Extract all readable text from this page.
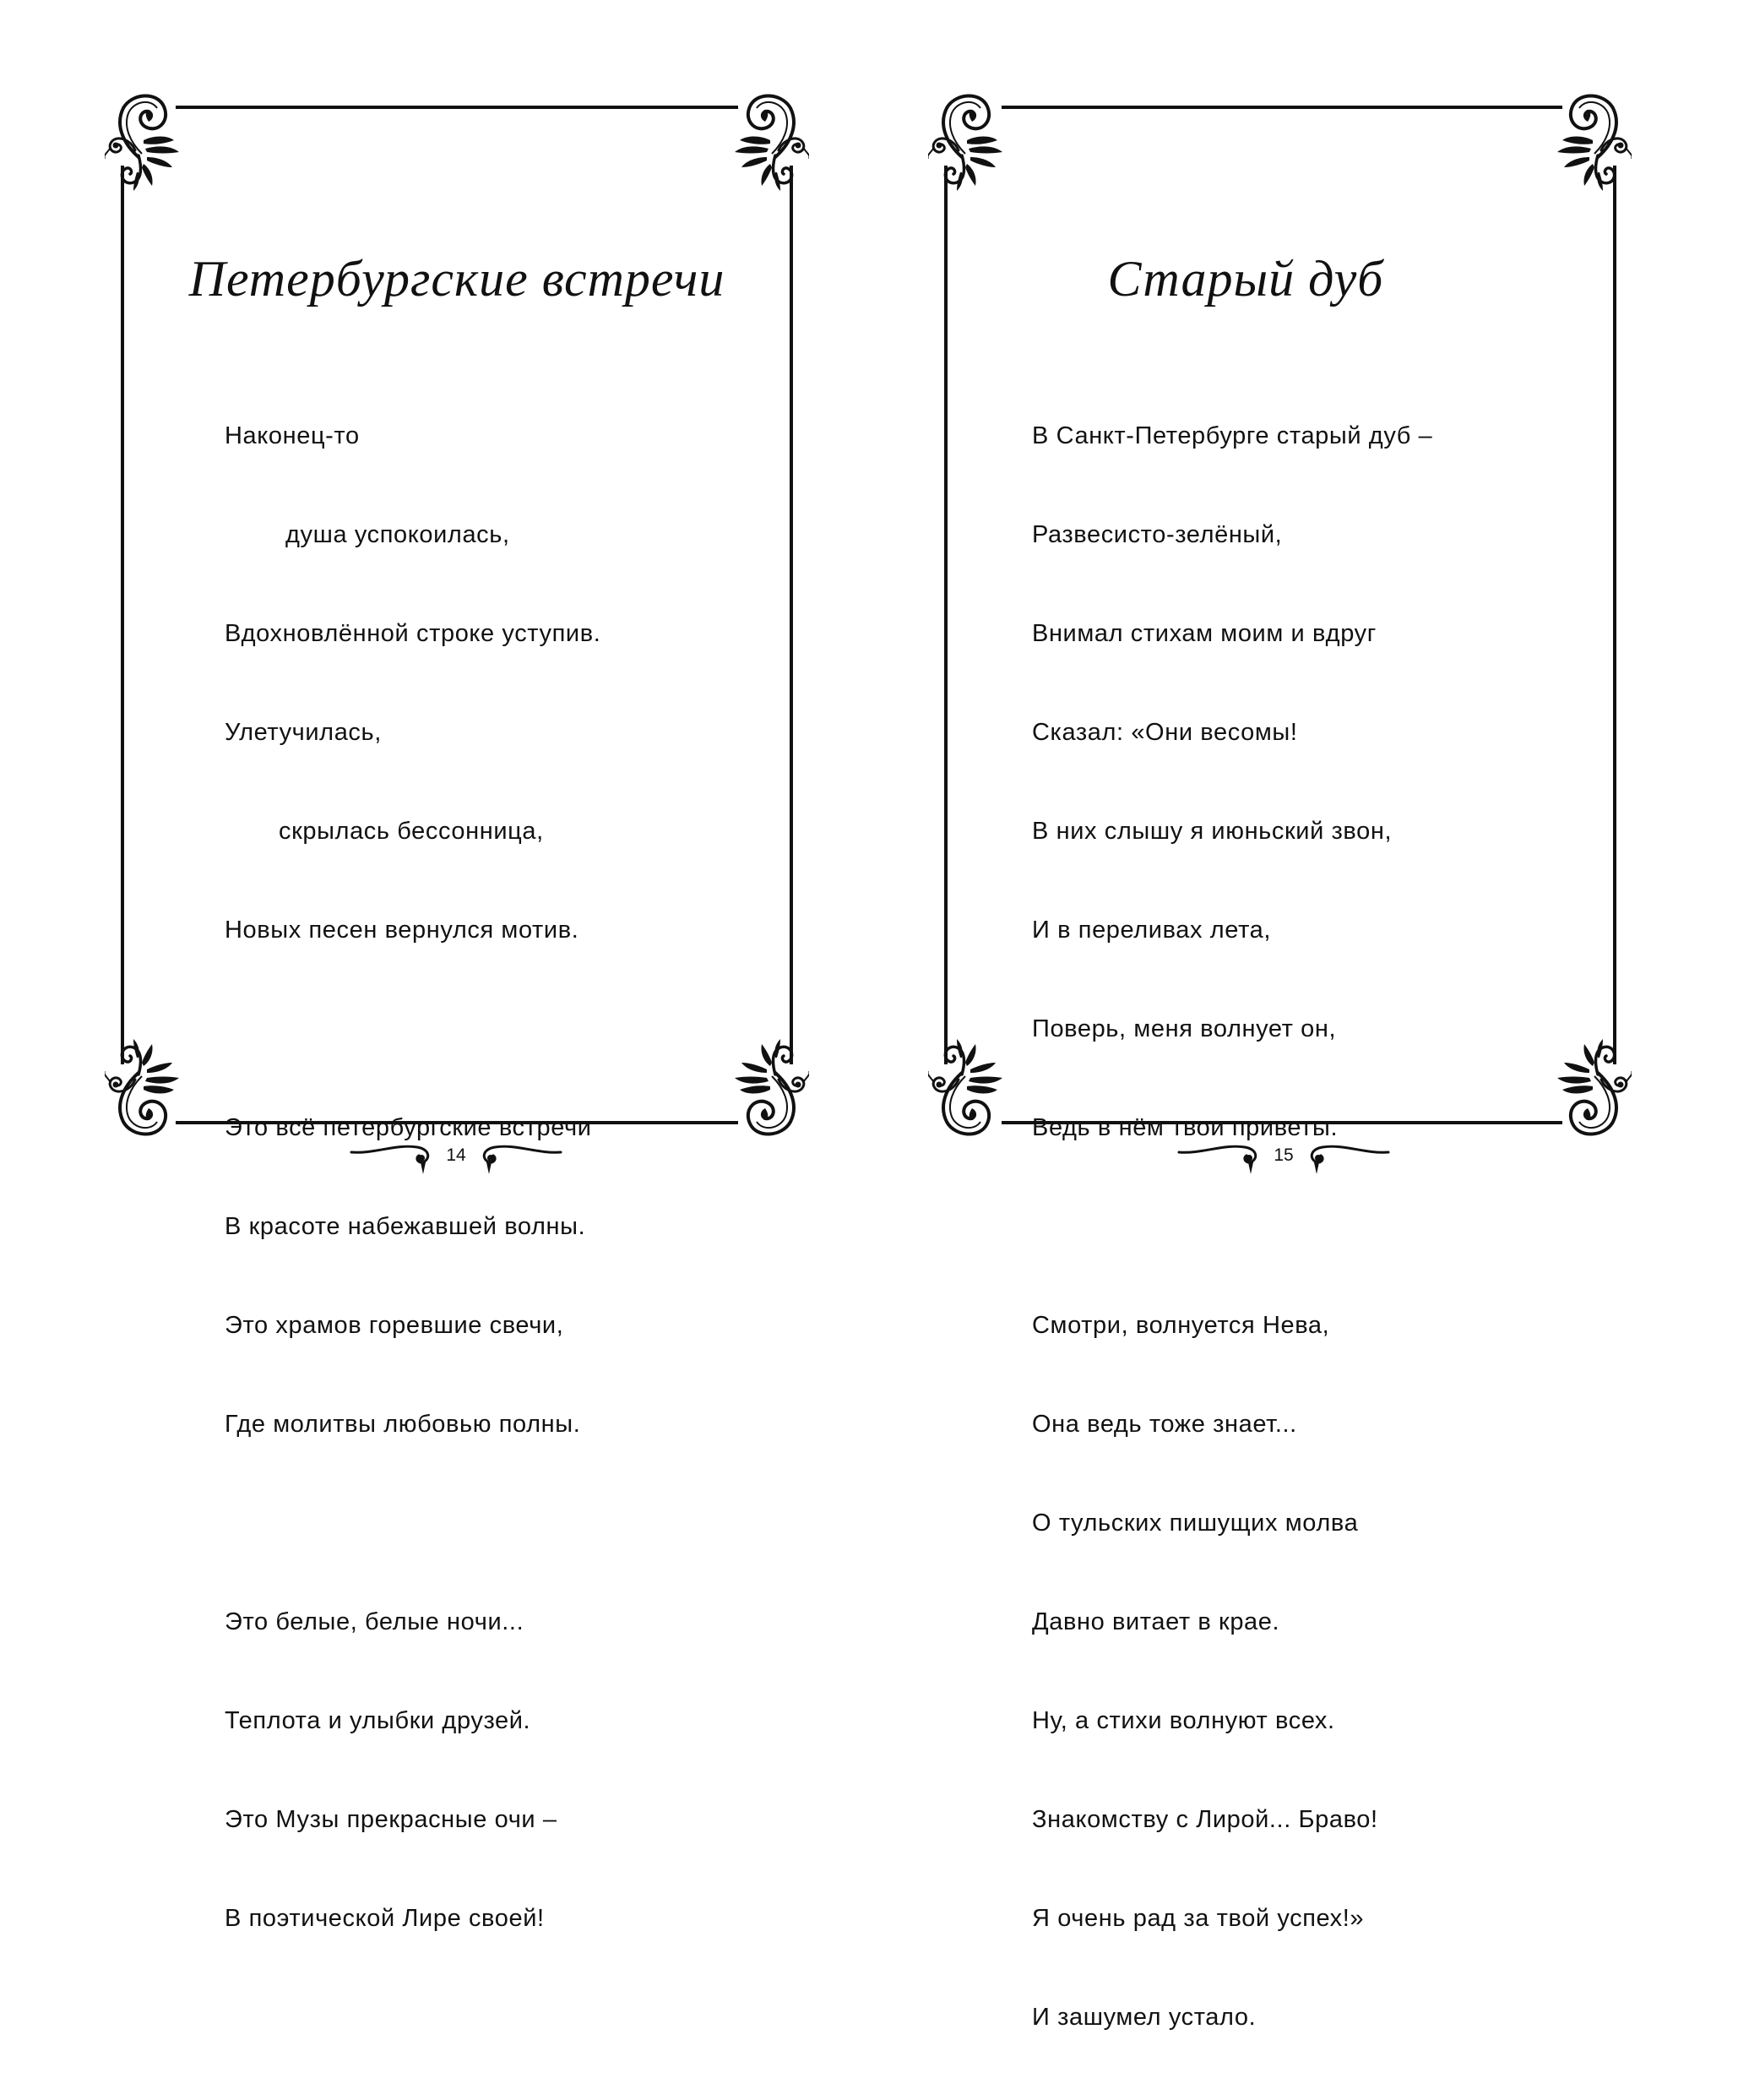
Петербургские встречи

Наконец-то

душа успокоилась,

Вдохновлённой строке уступив.

Улетучилась,

скрылась бессонница,

Новых песен вернулся мотив.

Это всё петербургские встречи

В красоте набежавшей волны.

Это храмов горевшие свечи,

Где молитвы любовью полны.

Это белые, белые ночи...

Теплота и улыбки друзей.

Это Музы прекрасные очи –

В поэтической Лире своей!

14
Старый дуб

В Санкт-Петербурге старый дуб –

Развесисто-зелёный,

Внимал стихам моим и вдруг

Сказал: «Они весомы!

В них слышу я июньский звон,

И в переливах лета,

Поверь, меня волнует он,

Ведь в нём твои приветы.

Смотри, волнуется Нева,

Она ведь тоже знает...

О тульских пишущих молва

Давно витает в крае.

Ну, а стихи волнуют всех.

Знакомству с Лирой... Браво!

Я очень рад за твой успех!»

И зашумел устало.

15
